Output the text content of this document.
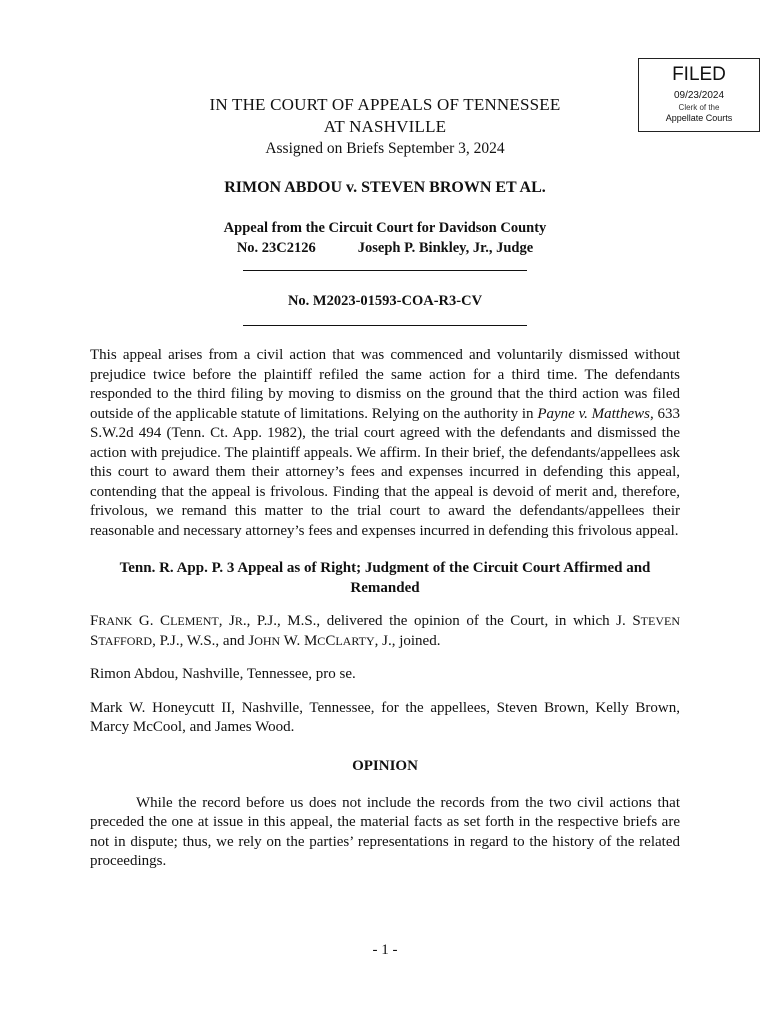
FILED
09/23/2024
Clerk of the
Appellate Courts
IN THE COURT OF APPEALS OF TENNESSEE
AT NASHVILLE
Assigned on Briefs September 3, 2024
RIMON ABDOU v. STEVEN BROWN ET AL.
Appeal from the Circuit Court for Davidson County
No. 23C2126	Joseph P. Binkley, Jr., Judge
No. M2023-01593-COA-R3-CV
This appeal arises from a civil action that was commenced and voluntarily dismissed without prejudice twice before the plaintiff refiled the same action for a third time. The defendants responded to the third filing by moving to dismiss on the ground that the third action was filed outside of the applicable statute of limitations. Relying on the authority in Payne v. Matthews, 633 S.W.2d 494 (Tenn. Ct. App. 1982), the trial court agreed with the defendants and dismissed the action with prejudice. The plaintiff appeals. We affirm. In their brief, the defendants/appellees ask this court to award them their attorney’s fees and expenses incurred in defending this appeal, contending that the appeal is frivolous. Finding that the appeal is devoid of merit and, therefore, frivolous, we remand this matter to the trial court to award the defendants/appellees their reasonable and necessary attorney’s fees and expenses incurred in defending this frivolous appeal.
Tenn. R. App. P. 3 Appeal as of Right; Judgment of the Circuit Court Affirmed and Remanded
FRANK G. CLEMENT, JR., P.J., M.S., delivered the opinion of the Court, in which J. STEVEN STAFFORD, P.J., W.S., and JOHN W. MCCLARTY, J., joined.
Rimon Abdou, Nashville, Tennessee, pro se.
Mark W. Honeycutt II, Nashville, Tennessee, for the appellees, Steven Brown, Kelly Brown, Marcy McCool, and James Wood.
OPINION
While the record before us does not include the records from the two civil actions that preceded the one at issue in this appeal, the material facts as set forth in the respective briefs are not in dispute; thus, we rely on the parties’ representations in regard to the history of the related proceedings.
- 1 -
